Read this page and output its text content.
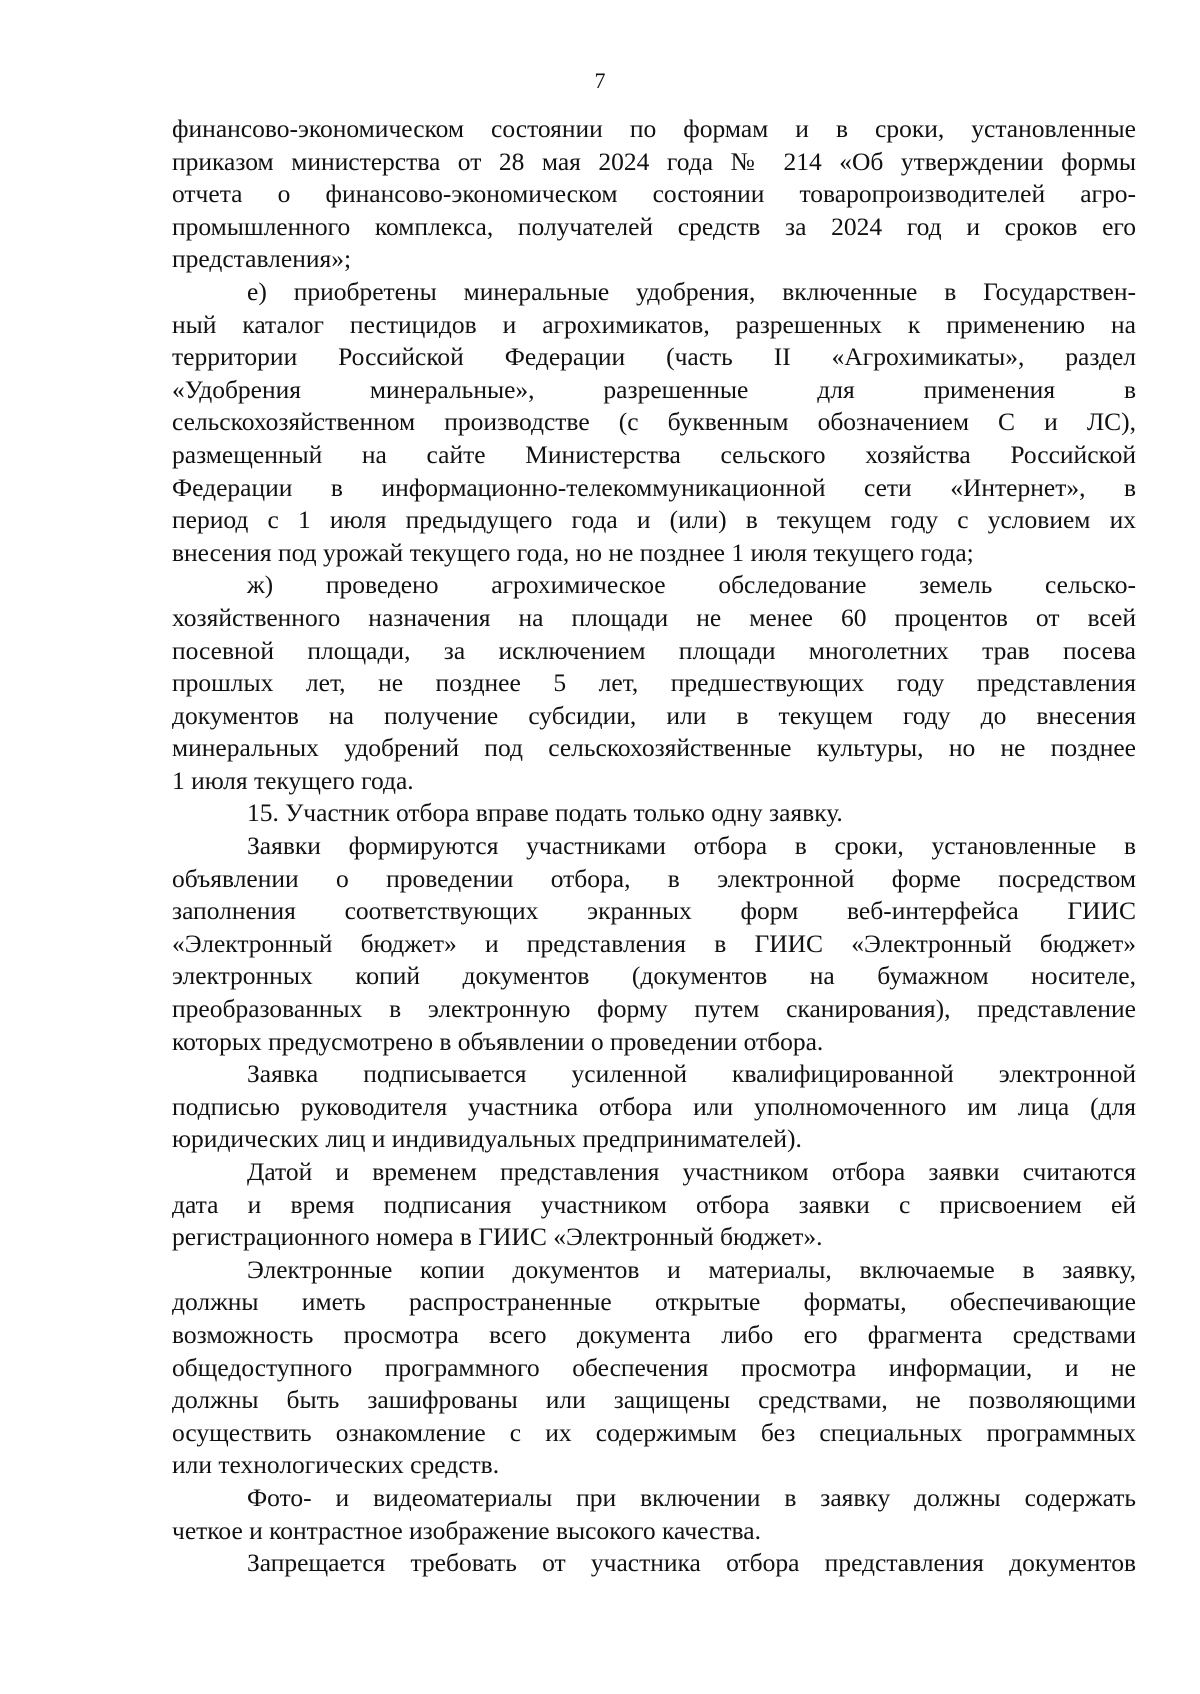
7
финансово-экономическом состоянии по формам и в сроки, установленные
приказом министерства от 28 мая 2024 года № 214 «Об утверждении формы
отчета о финансово-экономическом состоянии товаропроизводителей агро-
промышленного комплекса, получателей средств за 2024 год и сроков его
представления»;
е) приобретены минеральные удобрения, включенные в Государствен-
ный каталог пестицидов и агрохимикатов, разрешенных к применению на
территории Российской Федерации (часть II «Агрохимикаты», раздел
«Удобрения минеральные», разрешенные для применения в
сельскохозяйственном производстве (с буквенным обозначением С и ЛС),
размещенный на сайте Министерства сельского хозяйства Российской
Федерации в информационно-телекоммуникационной сети «Интернет», в
период с 1 июля предыдущего года и (или) в текущем году с условием их
внесения под урожай текущего года, но не позднее 1 июля текущего года;
ж) проведено агрохимическое обследование земель сельско-
хозяйственного назначения на площади не менее 60 процентов от всей
посевной площади, за исключением площади многолетних трав посева
прошлых лет, не позднее 5 лет, предшествующих году представления
документов на получение субсидии, или в текущем году до внесения
минеральных удобрений под сельскохозяйственные культуры, но не позднее
1 июля текущего года.
15. Участник отбора вправе подать только одну заявку.
Заявки формируются участниками отбора в сроки, установленные в
объявлении о проведении отбора, в электронной форме посредством
заполнения соответствующих экранных форм веб-интерфейса ГИИС
«Электронный бюджет» и представления в ГИИС «Электронный бюджет»
электронных копий документов (документов на бумажном носителе,
преобразованных в электронную форму путем сканирования), представление
которых предусмотрено в объявлении о проведении отбора.
Заявка подписывается усиленной квалифицированной электронной
подписью руководителя участника отбора или уполномоченного им лица (для
юридических лиц и индивидуальных предпринимателей).
Датой и временем представления участником отбора заявки считаются
дата и время подписания участником отбора заявки с присвоением ей
регистрационного номера в ГИИС «Электронный бюджет».
Электронные копии документов и материалы, включаемые в заявку,
должны иметь распространенные открытые форматы, обеспечивающие
возможность просмотра всего документа либо его фрагмента средствами
общедоступного программного обеспечения просмотра информации, и не
должны быть зашифрованы или защищены средствами, не позволяющими
осуществить ознакомление с их содержимым без специальных программных
или технологических средств.
Фото- и видеоматериалы при включении в заявку должны содержать
четкое и контрастное изображение высокого качества.
Запрещается требовать от участника отбора представления документов
